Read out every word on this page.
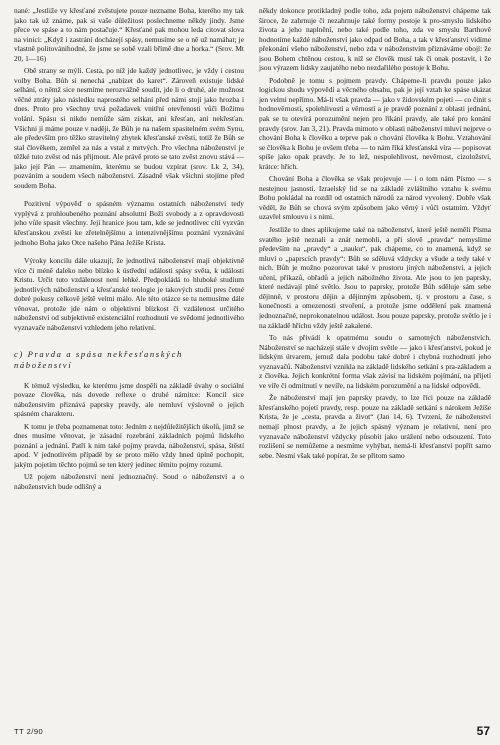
nané: „Jestliže vy křesťané zvěstujete pouze nezname Boha, kterého my tak jako tak už známe, pak si vaše důležitost poslechneme někdy jindy. Jsme přece ve spáse a to nám postačuje.“ Křesťané pak mohou leda citovat slova na vinici: „Když i zastrání docházejí spásy, nemusíme se o ně už namáhat; je vlastně politovánihodné, že jsme se sobě vzali břímě dne a horka.“ (Srov. Mt 20, 1—16)

Obě strany se mýlí. Cesta, po níž jde každý jednotlivec, je vždy i cestou volby Boha. Bůh si nenechá „nabízet do karet“. Zároveň existuje lidské selhání, o němž sice nesmíme nerozvážně soudit, jde li o druhé, ale možnost věčné ztráty jako následku naprostého selhání před námi stojí jako hrozba i dnes. Proto pro všechny trvá požadavek vnitřní otevřenosti vůči Božímu volání. Spásu si nikdo nemůže sám získat, ani křesťan, ani nekřesťan. Všichni jí máme pouze v naději, že Bůh je na našem spasitelném svém Synu, ale především pro těžko stravitelný zbytek křesťanské zvěsti, totiž že Bůh se stal člověkem, zemřel za nás a vstal z mrtvých. Pro všechna náboženství je těžké tuto zvěst od nás přijmout. Ale právě proto se tato zvěst znovu stává — jako její Pán — znamením, kterému se budou vzpírat (srov. Lk 2, 34), pozváním a soudem všech náboženství. Zásadně však všichni stojíme před soudem Boha.

Pozitivní výpověď o spásném významu ostatních náboženství tedy vyplývá z prohloubeného poznání absolutní Boží svobody a z opravdovosti jeho vůle spasit všechny. Její hranice jsou tam, kde se jednotlivec cítí vyzván křesťanskou zvěstí ke zřetelnějšímu a intenzivnějšímu poznání vyznávání jednoho Boha jako Otce našeho Pána Ježíše Krista.

Výroky koncilu dále ukazují, že jednotlivá náboženství mají objektivně více či méně daleko nebo blízko k ústřední události spásy světa, k události Kristu. Určit tuto vzdálenost není lehké. Předpokládá to hluboké studium jednotlivých náboženství a křesťanské teologie je takových studií pres četné dobré pokusy celkově ještě velmi málo. Ale této otázce se tu nemusíme dále věnovat, protože jde nám o objektivní blízkost či vzdálenost určitého náboženství od subjektivně existenciální rozhodnutí ve svědomí jednotlivého vyznavače náboženství vzhledem jeho relativní.

c) Pravda a spása nekřesťanských náboženství

K témuž výsledku, ke kterému jsme dospěli na základě úvahy o sociální povaze člověka, nás dovede reflexe o druhé námitce: Koncil sice náboženstvím přiznává paprsky pravdy, ale nemluví výslovně o jejich spásném charakteru.

K tomu je třeba poznamenat toto: Jedním z nejdůležitějších úkolů, jimž se dnes musíme věnovat, je zásadní rozebrání základních pojmů lidského poznání a jednání. Patří k nim také pojmy pravda, náboženství, spása, štěstí apod. V jednotlivém případě by se proto mělo vždy hned úplně pochopit, jakým pojetím těchto pojmů se ten který jedinec těmito pojmy rozumí.

Už pojem náboženství není jednoznačný. Soud o náboženství a o náboženstvích bude odlišný a

někdy dokonce protikladný podle toho, zda pojem náboženství chápeme tak široce, že zahrnuje či nezahrnuje také formy postoje k pro-smyslu lidského života a jeho naplnění, nebo také podle toho, zda ve smyslu Barthově hodnotíme každé náboženství jako odpad od Boha, a tak v křesťanství vidíme překonání všeho náboženství, nebo zda v náboženstvím přiznáváme obojí: že jsou Bohem chtěnou cestou, k níž se člověk musí tak či onak postavit, i že jsou výrazem lidsky zaujatého nebo nezdařilého postoje k Bohu.

Podobně je tomu s pojmem pravdy. Chápeme-li pravdu pouze jako logickou shodu výpovědí a věcného obsahu, pak je její vztah ke spáse ukázat jen velmi nepřímo. Má-li však pravda — jako v židovském pojetí — co činit s hodnověrností, spolehlivostí a věrností a je pravdě poznání z oblasti jednání, pak se tu otevírá porozumění nejen pro říkání pravdy, ale také pro konání pravdy (srov. Jan 3, 21). Pravda mimoto v oblasti náboženství mluví nejprve o chování Boha k člověku a teprve pak o chování člověka k Bohu. Vztahování se člověka k Bohu je ovšem třeba — to nám říká křesťanská víra — popisovat spíše jako opak pravdy. Je to lež, nespolehlivost, nevěrnost, cizoložství, krátce: hřích.

Chování Boha a člověka se však projevuje — i o tom nám Písmo — s nestejnou jasností. Izraelský lid se na základě zvláštního vztahu k svému Bohu pokládal na rozdíl od ostatních národů za národ vyvolený. Dobře však věděl, že Bůh se chová svým způsobem jako věrný i vůči ostatním. Vždyť uzavřel smlouvu i s nimi.

Jestliže to dnes aplikujeme také na náboženství, které ještě neměli Písma svatého ještě neznali a znát nemohli, a při slově „pravda“ nemyslíme především na „pravdy“ a „nauku“, pak chápeme, co to znamená, když se mluví o „paprscích pravdy“: Bůh se sděluvá vždycky a všude a tedy také v nich. Bůh je možno pozorovat také v prostoru jiných náboženství, a jejich učení, příkazů, obřadů a jejich nábožného života. Ale jsou to jen paprsky, které nedávají plné světlo. Jsou to paprsky, protože Bůh sděluje sám sebe dějinně, v prostoru dějin a dějinným způsobem, tj. v prostoru a čase, s konečnosti a omezenosti stvoření, a protože jsme oddělení pak znamená jednoznačné, neprokonatelnou událost. Jsou pouze paprsky, protože světlo je i na základě hříchu vždy ještě zakalené.

To nás přivádí k opatrnému soudu o samotných náboženstvích. Náboženství se nacházejí stále v dvojím světle — jako i křesťanství, pokud je lidským útvarem, jemuž dala podobu také dobré i chybná rozhodnutí jeho vyznavačů. Náboženství vznikla na základě lidského setkání s pra-základem a z člověka. Jejich konkrétní forma však závisí na lidském pojímání, na přijetí ve víře či odmítnutí v nevíře, na lidském porozumění a na lidské odpovědi.

Že náboženství mají jen paprsky pravdy, to lze říci pouze na základě křesťanského pojetí pravdy, resp. pouze na základě setkání s nárokem Ježíše Krista, že je „cesta, pravda a život“ (Jan 14, 6). Tvrzení, že náboženství nemají plnost pravdy, a že jejich spásný význam je relativní, není pro vyznavače náboženství vždycky působit jako urážení nebo odsouzení. Toto rozlišení se nemůžeme a nesmíme vyhýbat, nemá-li křesťanství popřít samo sebe. Nesmí však také popírat, že se přitom samo

TT 2/90	57
